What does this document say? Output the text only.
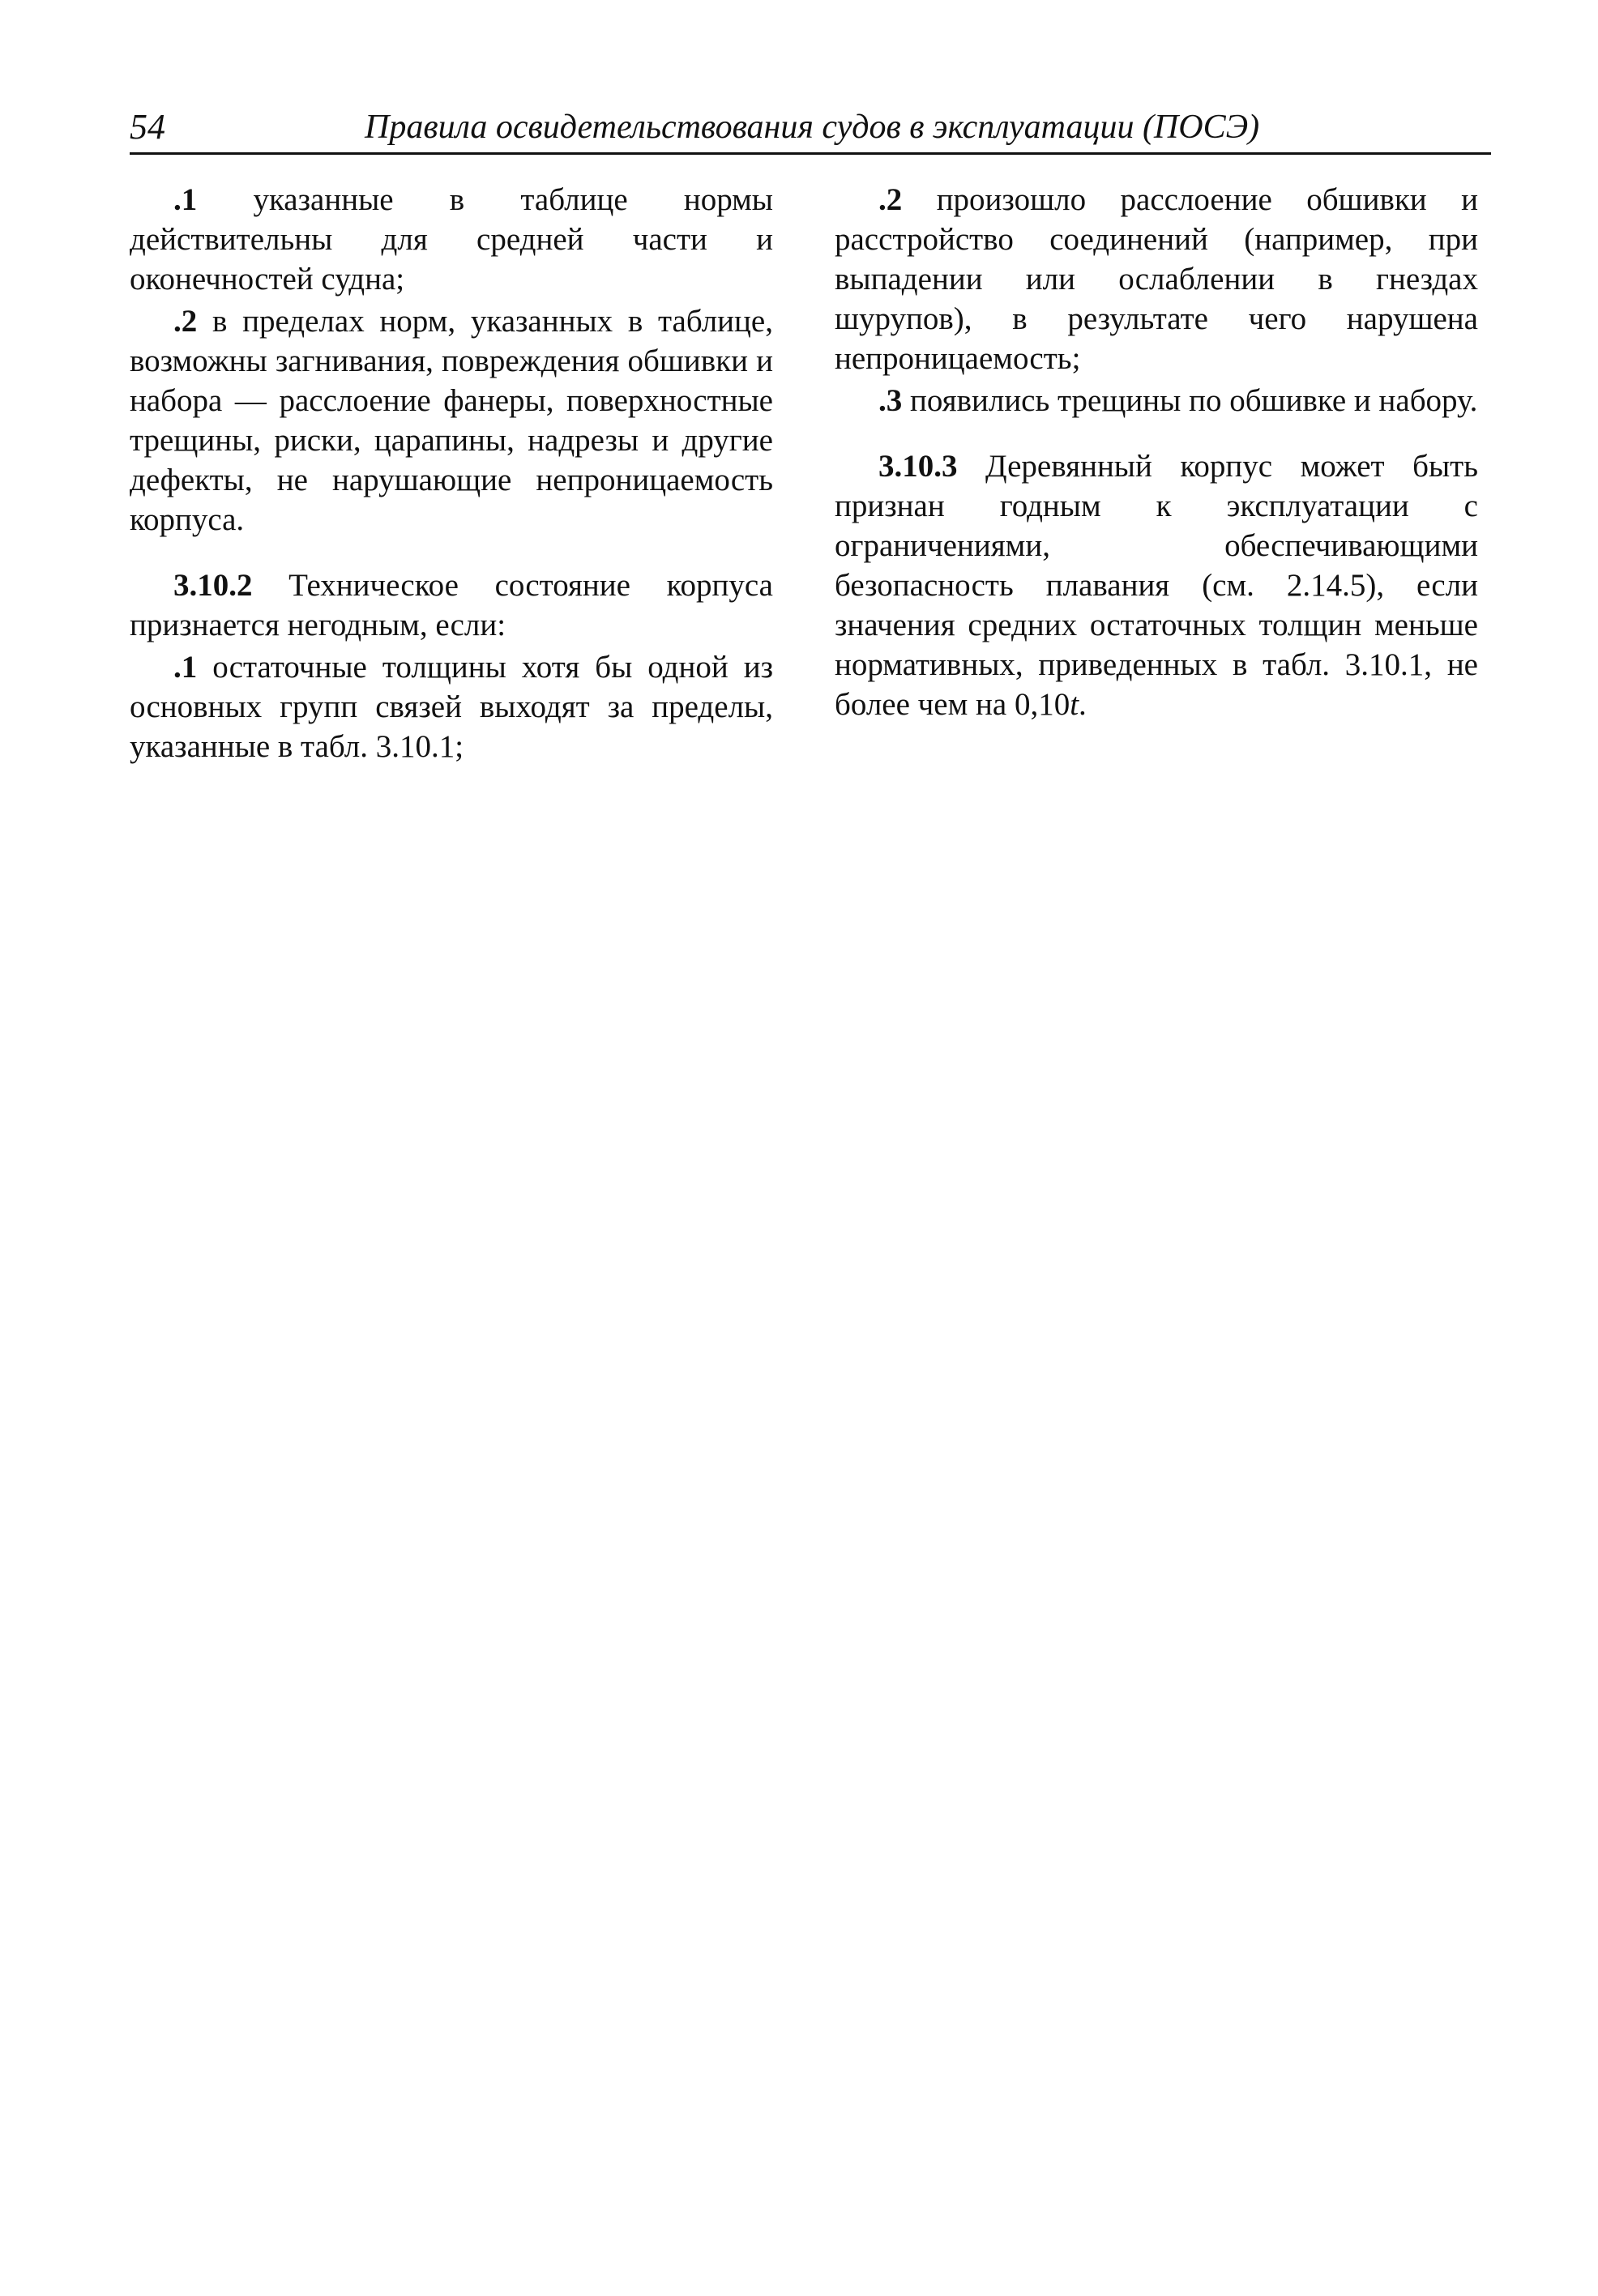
54	Правила освидетельствования судов в эксплуатации (ПОСЭ)

.1 указанные в таблице нормы действительны для средней части и оконечностей судна;

.2 в пределах норм, указанных в таблице, возможны загнивания, повреждения обшивки и набора — расслоение фанеры, поверхностные трещины, риски, царапины, надрезы и другие дефекты, не нарушающие непроницаемость корпуса.

3.10.2 Техническое состояние корпуса признается негодным, если:

.1 остаточные толщины хотя бы одной из основных групп связей выходят за пределы, указанные в табл. 3.10.1;

.2 произошло расслоение обшивки и расстройство соединений (например, при выпадении или ослаблении в гнездах шурупов), в результате чего нарушена непроницаемость;

.3 появились трещины по обшивке и набору.

3.10.3 Деревянный корпус может быть признан годным к эксплуатации с ограничениями, обеспечивающими безопасность плавания (см. 2.14.5), если значения средних остаточных толщин меньше нормативных, приведенных в табл. 3.10.1, не более чем на 0,10t.
